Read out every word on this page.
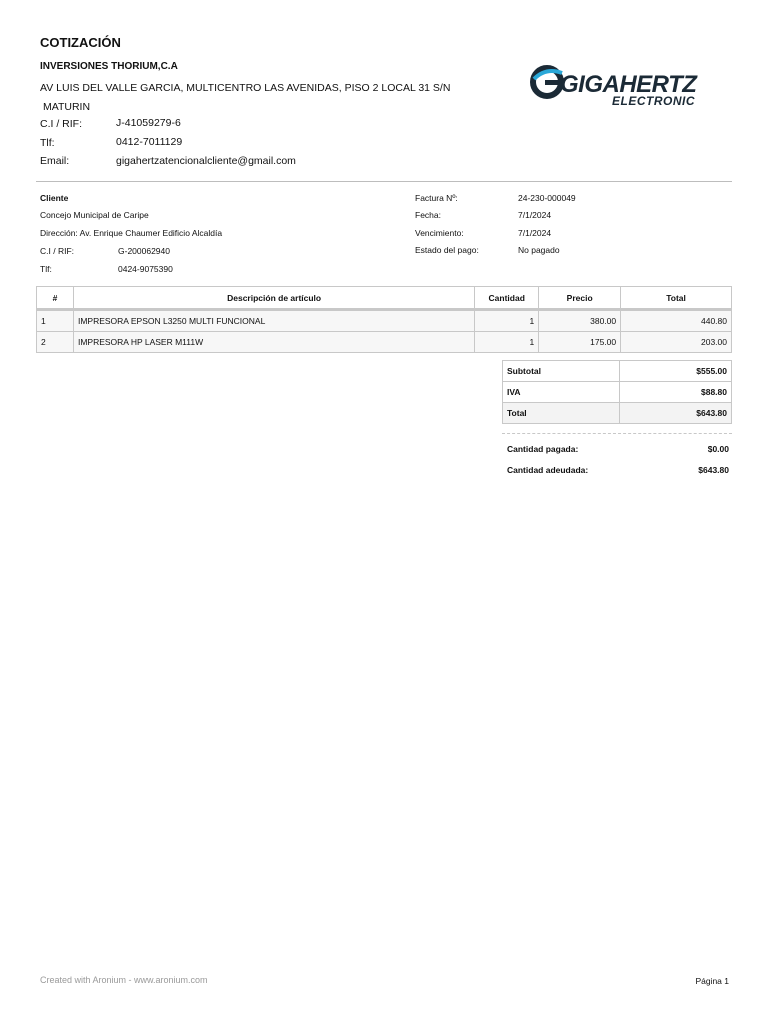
COTIZACIÓN
INVERSIONES THORIUM,C.A
AV LUIS DEL VALLE GARCIA, MULTICENTRO LAS AVENIDAS, PISO 2 LOCAL 31 S/N
MATURIN
C.I / RIF:	J-41059279-6
Tlf:	0412-7011129
Email:	gigahertzatencionalcliente@gmail.com
GIGAHERTZ
ELECTRONIC
Cliente
Concejo Municipal de Caripe
Dirección: Av. Enrique Chaumer Edificio Alcaldía
C.I / RIF:	G-200062940
Tlf:	0424-9075390
Factura Nº:	24-230-000049
Fecha:	7/1/2024
Vencimiento:	7/1/2024
Estado del pago:	No pagado
#	Descripción de artículo	Cantidad	Precio	Total
1	IMPRESORA EPSON L3250 MULTI FUNCIONAL	1	380.00	440.80
2	IMPRESORA HP LASER M111W	1	175.00	203.00
Subtotal	$555.00
IVA	$88.80
Total	$643.80
Cantidad pagada:	$0.00
Cantidad adeudada:	$643.80
Created with Aronium - www.aronium.com	Página 1
